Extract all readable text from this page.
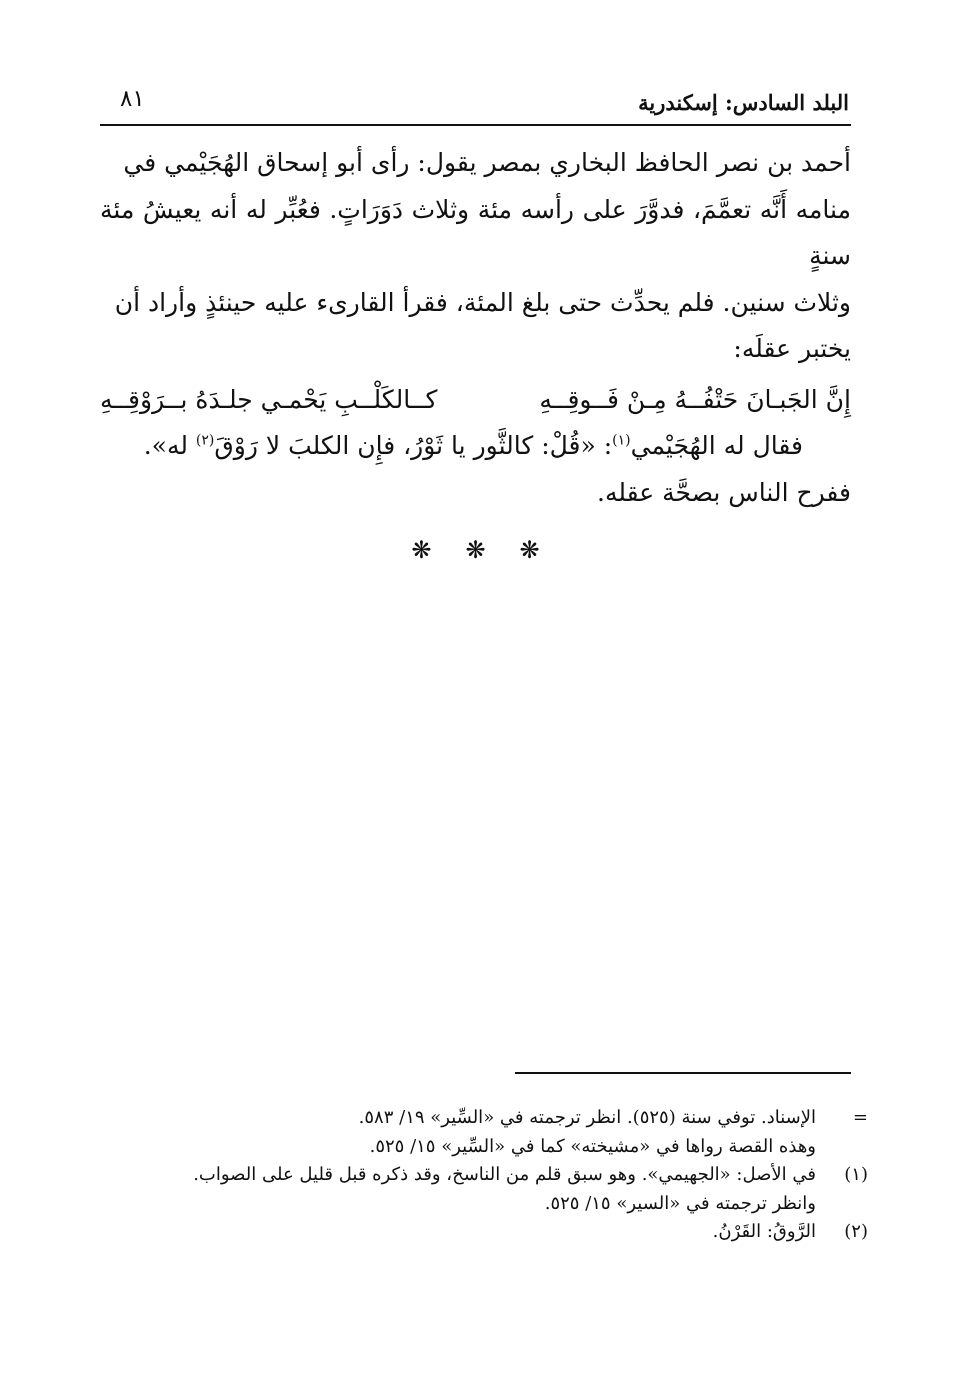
البلد السادس: إسكندرية
٨١

أحمد بن نصر الحافظ البخاري بمصر يقول: رأى أبو إسحاق الهُجَيْمي في

منامه أَنَّه تعمَّمَ، فدوَّرَ على رأسه مئة وثلاث دَوَرَاتٍ. فعُبِّر له أنه يعيشُ مئة سنةٍ

وثلاث سنين. فلم يحدِّث حتى بلغ المئة، فقرأ القارىء عليه حينئذٍ وأراد أن

يختبر عقلَه:

إِنَّ الجَبـانَ حَتْفُــهُ مِـنْ فَــوقِــهِ
كــالكَلْــبِ يَحْمـي جلـدَهُ بــرَوْقِــهِ

فقال له الهُجَيْمي$^{(١)}$: «قُلْ: كالثَّور يا ثَوْرُ، فإِن الكلبَ لا رَوْقَ$^{(٢)}$ له».

ففرح الناس بصحَّة عقله.

❋ ❋ ❋
=
الإسناد. توفي سنة (٥٢٥). انظر ترجمته في «السِّير» ١٩/ ٥٨٣.
وهذه القصة رواها في «مشيخته» كما في «السِّير» ١٥/ ٥٢٥.
(١)
في الأصل: «الجهيمي». وهو سبق قلم من الناسخ، وقد ذكره قبل قليل على الصواب.
وانظر ترجمته في «السير» ١٥/ ٥٢٥.
(٢)
الرَّوقُ: القَرْنُ.
